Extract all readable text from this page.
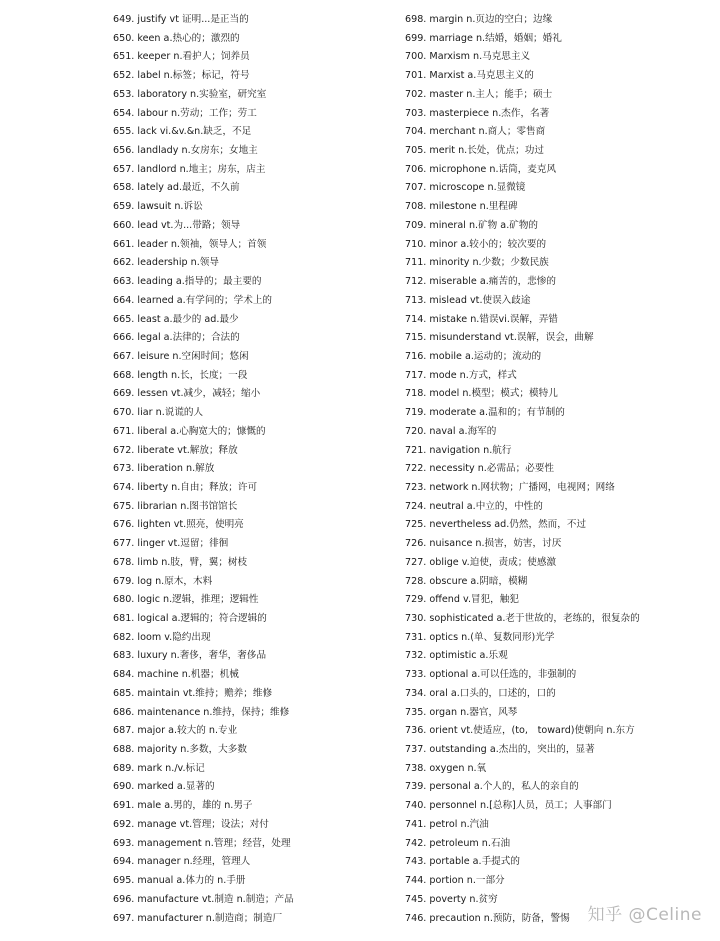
649. justify vt 证明...是正当的
650. keen a.热心的；激烈的
651. keeper n.看护人；饲养员
652. label n.标签；标记，符号
653. laboratory n.实验室，研究室
654. labour n.劳动；工作；劳工
655. lack vi.&v.&n.缺乏，不足
656. landlady n.女房东；女地主
657. landlord n.地主；房东，店主
658. lately ad.最近，不久前
659. lawsuit n.诉讼
660. lead vt.为...带路；领导
661. leader n.领袖，领导人；首领
662. leadership n.领导
663. leading a.指导的；最主要的
664. learned a.有学问的；学术上的
665. least a.最少的 ad.最少
666. legal a.法律的；合法的
667. leisure n.空闲时间；悠闲
668. length n.长，长度；一段
669. lessen vt.减少，减轻；缩小
670. liar n.说谎的人
671. liberal a.心胸宽大的；慷慨的
672. liberate vt.解放；释放
673. liberation n.解放
674. liberty n.自由；释放；许可
675. librarian n.图书馆馆长
676. lighten vt.照亮，使明亮
677. linger vt.逗留；徘徊
678. limb n.肢，臂，翼；树枝
679. log n.原木，木料
680. logic n.逻辑，推理；逻辑性
681. logical a.逻辑的；符合逻辑的
682. loom v.隐约出现
683. luxury n.奢侈，奢华，奢侈品
684. machine n.机器；机械
685. maintain vt.维持；赡养；维修
686. maintenance n.维持，保持；维修
687. major a.较大的 n.专业
688. majority n.多数，大多数
689. mark n./v.标记
690. marked a.显著的
691. male a.男的，雄的 n.男子
692. manage vt.管理；设法；对付
693. management n.管理；经营，处理
694. manager n.经理，管理人
695. manual a.体力的 n.手册
696. manufacture vt.制造 n.制造；产品
697. manufacturer n.制造商；制造厂
698. margin n.页边的空白；边缘
699. marriage n.结婚，婚姻；婚礼
700. Marxism n.马克思主义
701. Marxist a.马克思主义的
702. master n.主人；能手；硕士
703. masterpiece n.杰作，名著
704. merchant n.商人；零售商
705. merit n.长处，优点；功过
706. microphone n.话筒，麦克风
707. microscope n.显微镜
708. milestone n.里程碑
709. mineral n.矿物 a.矿物的
710. minor a.较小的；较次要的
711. minority n.少数；少数民族
712. miserable a.痛苦的，悲惨的
713. mislead vt.使误入歧途
714. mistake n.错误vi.误解，弄错
715. misunderstand vt.误解，误会，曲解
716. mobile a.运动的；流动的
717. mode n.方式，样式
718. model n.模型；模式；模特儿
719. moderate a.温和的；有节制的
720. naval a.海军的
721. navigation n.航行
722. necessity n.必需品；必要性
723. network n.网状物；广播网，电视网；网络
724. neutral a.中立的，中性的
725. nevertheless ad.仍然，然而，不过
726. nuisance n.损害，妨害，讨厌
727. oblige v.迫使，责成；使感激
728. obscure a.阴暗，模糊
729. offend v.冒犯，触犯
730. sophisticated a.老于世故的，老练的，很复杂的
731. optics n.(单、复数同形)光学
732. optimistic a.乐观
733. optional a.可以任选的，非强制的
734. oral a.口头的，口述的，口的
735. organ n.器官，风琴
736. orient vt.使适应，(to,　toward)使朝向 n.东方
737. outstanding a.杰出的，突出的，显著
738. oxygen n.氧
739. personal a.个人的，私人的亲自的
740. personnel n.[总称]人员，员工；人事部门
741. petrol n.汽油
742. petroleum n.石油
743. portable a.手提式的
744. portion n.一部分
745. poverty n.贫穷
746. precaution n.预防，防备，警惕	知乎 @Celine
